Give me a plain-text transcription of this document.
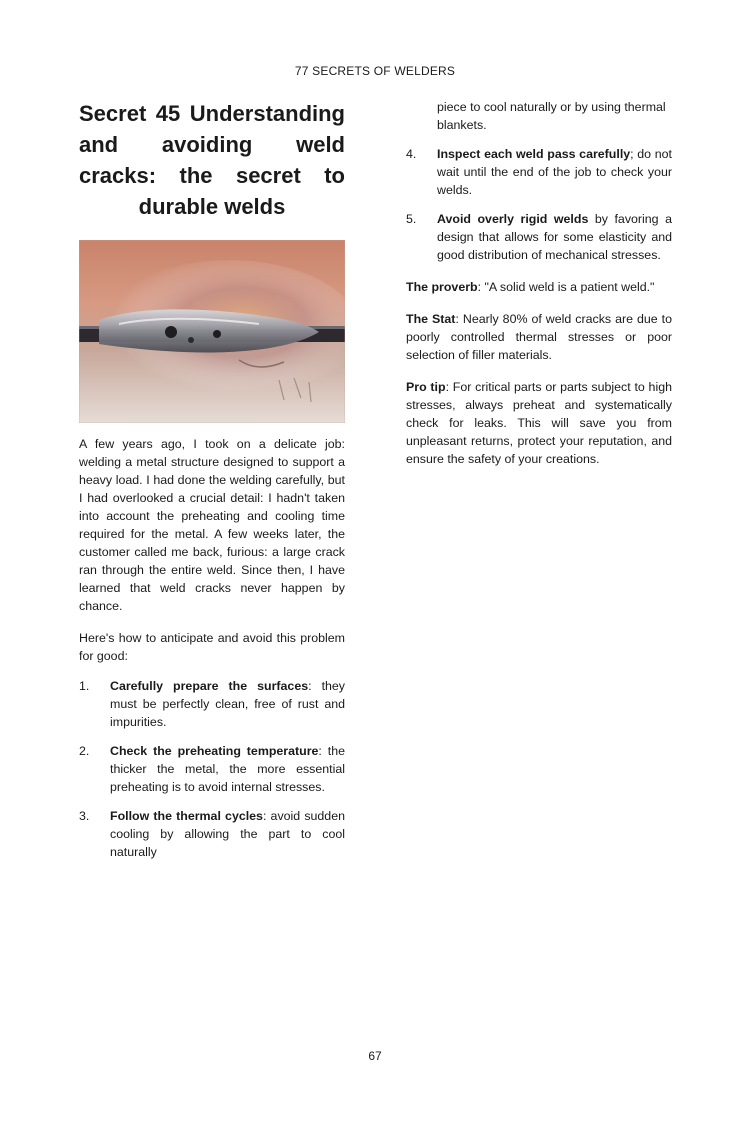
77 SECRETS OF WELDERS
Secret 45 Understanding and avoiding weld cracks: the secret to durable welds

A few years ago, I took on a delicate job: welding a metal structure designed to support a heavy load. I had done the welding carefully, but I had overlooked a crucial detail: I hadn't taken into account the preheating and cooling time required for the metal. A few weeks later, the customer called me back, furious: a large crack ran through the entire weld. Since then, I have learned that weld cracks never happen by chance.

Here's how to anticipate and avoid this problem for good:

1. Carefully prepare the surfaces: they must be perfectly clean, free of rust and impurities.
2. Check the preheating temperature: the thicker the metal, the more essential preheating is to avoid internal stresses.
3. Follow the thermal cycles: avoid sudden cooling by allowing the part to cool naturally

piece to cool naturally or by using thermal blankets.

4. Inspect each weld pass carefully; do not wait until the end of the job to check your welds.
5. Avoid overly rigid welds by favoring a design that allows for some elasticity and good distribution of mechanical stresses.

The proverb: "A solid weld is a patient weld."

The Stat: Nearly 80% of weld cracks are due to poorly controlled thermal stresses or poor selection of filler materials.

Pro tip: For critical parts or parts subject to high stresses, always preheat and systematically check for leaks. This will save you from unpleasant returns, protect your reputation, and ensure the safety of your creations.

67
